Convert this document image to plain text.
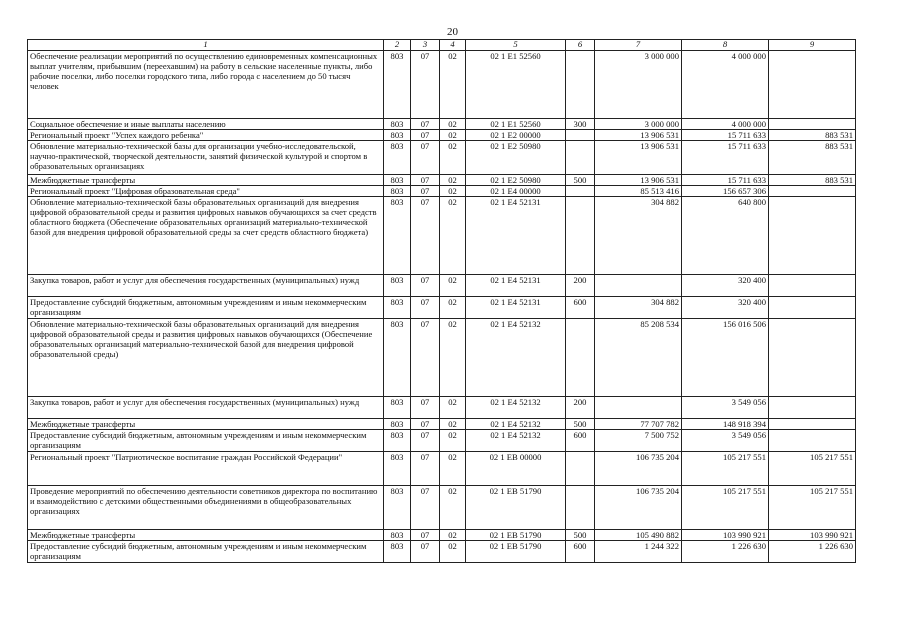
20
1	2	3	4	5	6	7	8	9
Обеспечение реализации мероприятий по осуществлению единовременных компенсационных выплат учителям, прибывшим (переехавшим) на работу в сельские населенные пункты, либо рабочие поселки, либо поселки городского типа, либо города с населением до 50 тысяч человек	803	07	02	02 1 Е1 52560		3 000 000	4 000 000	
Социальное обеспечение и иные выплаты населению	803	07	02	02 1 Е1 52560	300	3 000 000	4 000 000	
Региональный проект "Успех каждого ребенка"	803	07	02	02 1 Е2 00000		13 906 531	15 711 633	883 531
Обновление материально-технической базы для организации учебно-исследовательской, научно-практической, творческой деятельности, занятий физической культурой и спортом в образовательных организациях	803	07	02	02 1 Е2 50980		13 906 531	15 711 633	883 531
Межбюджетные трансферты	803	07	02	02 1 Е2 50980	500	13 906 531	15 711 633	883 531
Региональный проект "Цифровая образовательная среда"	803	07	02	02 1 Е4 00000		85 513 416	156 657 306	
Обновление материально-технической базы образовательных организаций для внедрения цифровой образовательной среды и развития цифровых навыков обучающихся за счет средств областного бюджета (Обеспечение образовательных организаций материально-технической базой для внедрения цифровой образовательной среды за счет средств областного бюджета)	803	07	02	02 1 Е4 52131		304 882	640 800	
Закупка товаров, работ и услуг для обеспечения государственных (муниципальных) нужд	803	07	02	02 1 Е4 52131	200		320 400	
Предоставление субсидий бюджетным, автономным учреждениям и иным некоммерческим организациям	803	07	02	02 1 Е4 52131	600	304 882	320 400	
Обновление материально-технической базы образовательных организаций для внедрения цифровой образовательной среды и развития цифровых навыков обучающихся (Обеспечение образовательных организаций материально-технической базой для внедрения цифровой образовательной среды)	803	07	02	02 1 Е4 52132		85 208 534	156 016 506	
Закупка товаров, работ и услуг для обеспечения государственных (муниципальных) нужд	803	07	02	02 1 Е4 52132	200		3 549 056	
Межбюджетные трансферты	803	07	02	02 1 Е4 52132	500	77 707 782	148 918 394	
Предоставление субсидий бюджетным, автономным учреждениям и иным некоммерческим организациям	803	07	02	02 1 Е4 52132	600	7 500 752	3 549 056	
Региональный проект "Патриотическое воспитание граждан Российской Федерации"	803	07	02	02 1 ЕВ 00000		106 735 204	105 217 551	105 217 551
Проведение мероприятий по обеспечению деятельности советников директора по воспитанию и взаимодействию с детскими общественными объединениями в общеобразовательных организациях	803	07	02	02 1 ЕВ 51790		106 735 204	105 217 551	105 217 551
Межбюджетные трансферты	803	07	02	02 1 ЕВ 51790	500	105 490 882	103 990 921	103 990 921
Предоставление субсидий бюджетным, автономным учреждениям и иным некоммерческим организациям	803	07	02	02 1 ЕВ 51790	600	1 244 322	1 226 630	1 226 630
